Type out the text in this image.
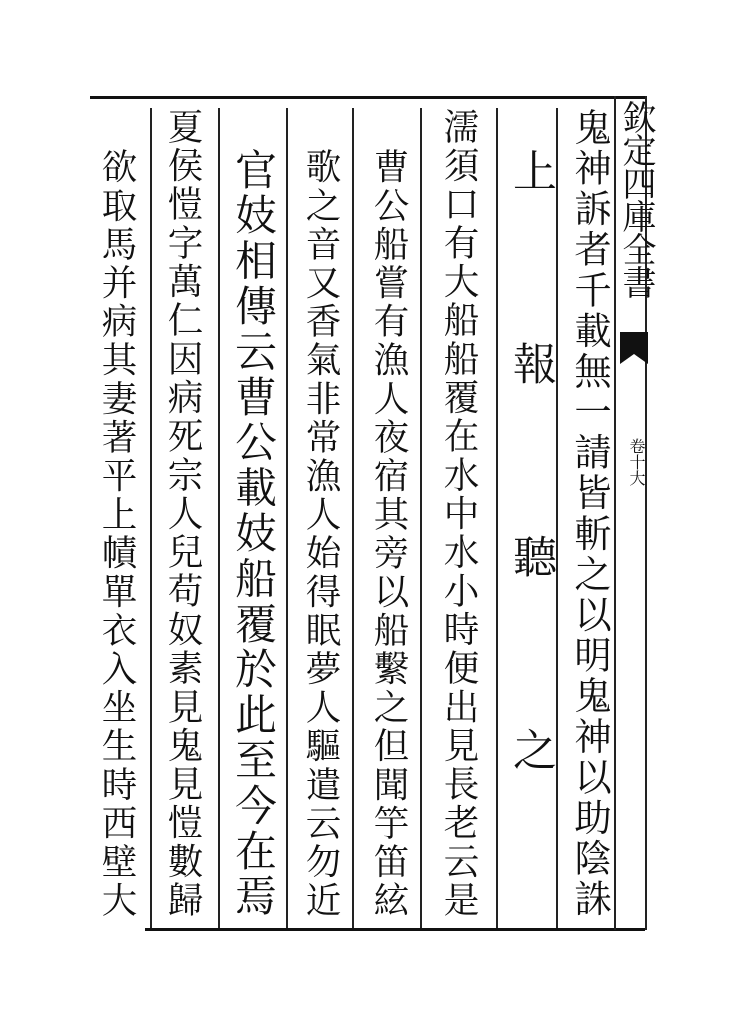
欽定四庫全書
卷十大
鬼神訴者千載無一請皆斬之以明鬼神以助陰誅
上報聽之
濡須口有大船船覆在水中水小時便出見長老云是
曹公船嘗有漁人夜宿其旁以船繫之但聞竽笛絃
歌之音又香氣非常漁人始得眠夢人驅遣云勿近
官妓相傳云曹公載妓船覆於此至今在焉
夏侯愷字萬仁因病死宗人兒苟奴素見鬼見愷數歸
欲取馬并病其妻著平上幘單衣入坐生時西壁大
